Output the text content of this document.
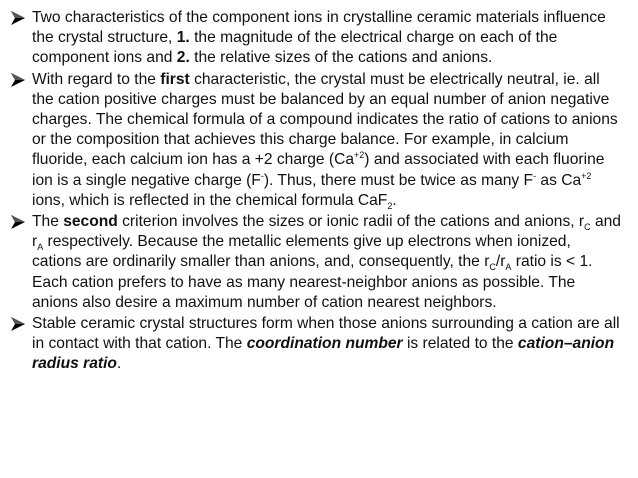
Two characteristics of the component ions in crystalline ceramic materials influence the crystal structure, 1. the magnitude of the electrical charge on each of the component ions and 2. the relative sizes of the cations and anions.
With regard to the first characteristic, the crystal must be electrically neutral, ie. all the cation positive charges must be balanced by an equal number of anion negative charges. The chemical formula of a compound indicates the ratio of cations to anions or the composition that achieves this charge balance. For example, in calcium fluoride, each calcium ion has a +2 charge $(Ca^{+2})$ and associated with each fluorine ion is a single negative charge (F-). Thus, there must be twice as many F- as $Ca^{+2}$ ions, which is reflected in the chemical formula CaF$_2$.
The second criterion involves the sizes or ionic radii of the cations and anions, $r_C$ and $r_A$ respectively. Because the metallic elements give up electrons when ionized, cations are ordinarily smaller than anions, and, consequently, the $r_C/r_A$ ratio is < 1. Each cation prefers to have as many nearest-neighbor anions as possible. The anions also desire a maximum number of cation nearest neighbors.
Stable ceramic crystal structures form when those anions surrounding a cation are all in contact with that cation. The coordination number is related to the cation–anion radius ratio.
